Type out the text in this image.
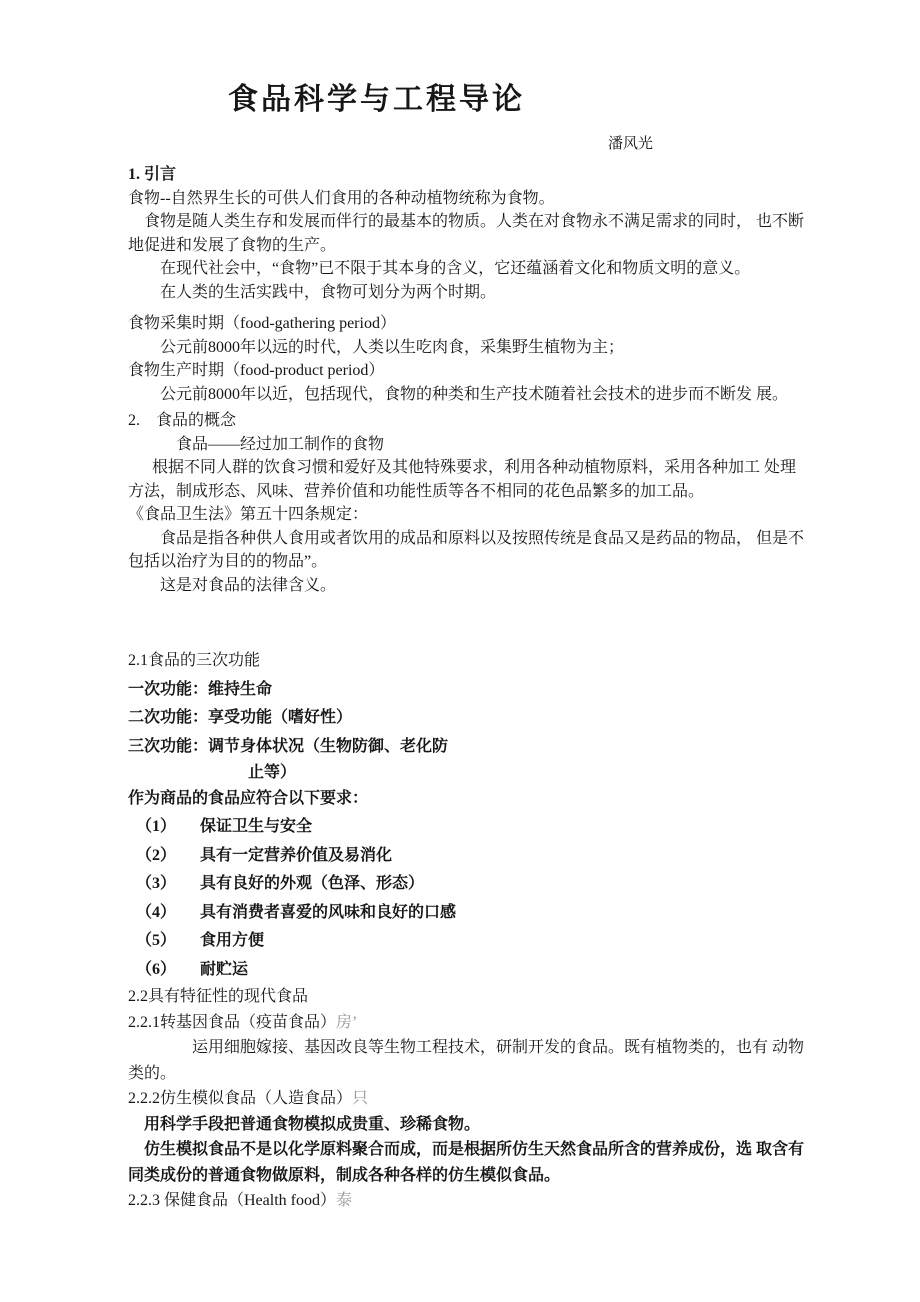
食品科学与工程导论
潘风光
1. 引言
食物--自然界生长的可供人们食用的各种动植物统称为食物。
食物是随人类生存和发展而伴行的最基本的物质。人类在对食物永不满足需求的同时， 也不断地促进和发展了食物的生产。
在现代社会中，“食物”已不限于其本身的含义，它还蕴涵着文化和物质文明的意义。
在人类的生活实践中，食物可划分为两个时期。
食物采集时期（food-gathering period）
公元前8000年以远的时代，人类以生吃肉食，采集野生植物为主；
食物生产时期（food-product period）
公元前8000年以近，包括现代，食物的种类和生产技术随着社会技术的进步而不断发 展。
2.　食品的概念
食品——经过加工制作的食物
根据不同人群的饮食习惯和爱好及其他特殊要求，利用各种动植物原料，采用各种加工 处理方法，制成形态、风味、营养价值和功能性质等各不相同的花色品繁多的加工品。
《食品卫生法》第五十四条规定：
食品是指各种供人食用或者饮用的成品和原料以及按照传统是食品又是药品的物品， 但是不包括以治疗为目的的物品”。
这是对食品的法律含义。
2.1食品的三次功能
一次功能：维持生命
二次功能：享受功能（嗜好性）
三次功能：调节身体状况（生物防御、老化防
止等）
作为商品的食品应符合以下要求：
（1）　　保证卫生与安全
（2）　　具有一定营养价值及易消化
（3）　　具有良好的外观（色泽、形态）
（4）　　具有消费者喜爱的风味和良好的口感
（5）　　食用方便
（6）　　耐贮运
2.2具有特征性的现代食品
2.2.1转基因食品（疫苗食品）房’
运用细胞嫁接、基因改良等生物工程技术，研制开发的食品。既有植物类的，也有 动物类的。
2.2.2仿生模似食品（人造食品）只
用科学手段把普通食物模拟成贵重、珍稀食物。
仿生模拟食品不是以化学原料聚合而成，而是根据所仿生天然食品所含的营养成份，选 取含有同类成份的普通食物做原料，制成各种各样的仿生模似食品。
2.2.3 保健食品（Health food）泰
